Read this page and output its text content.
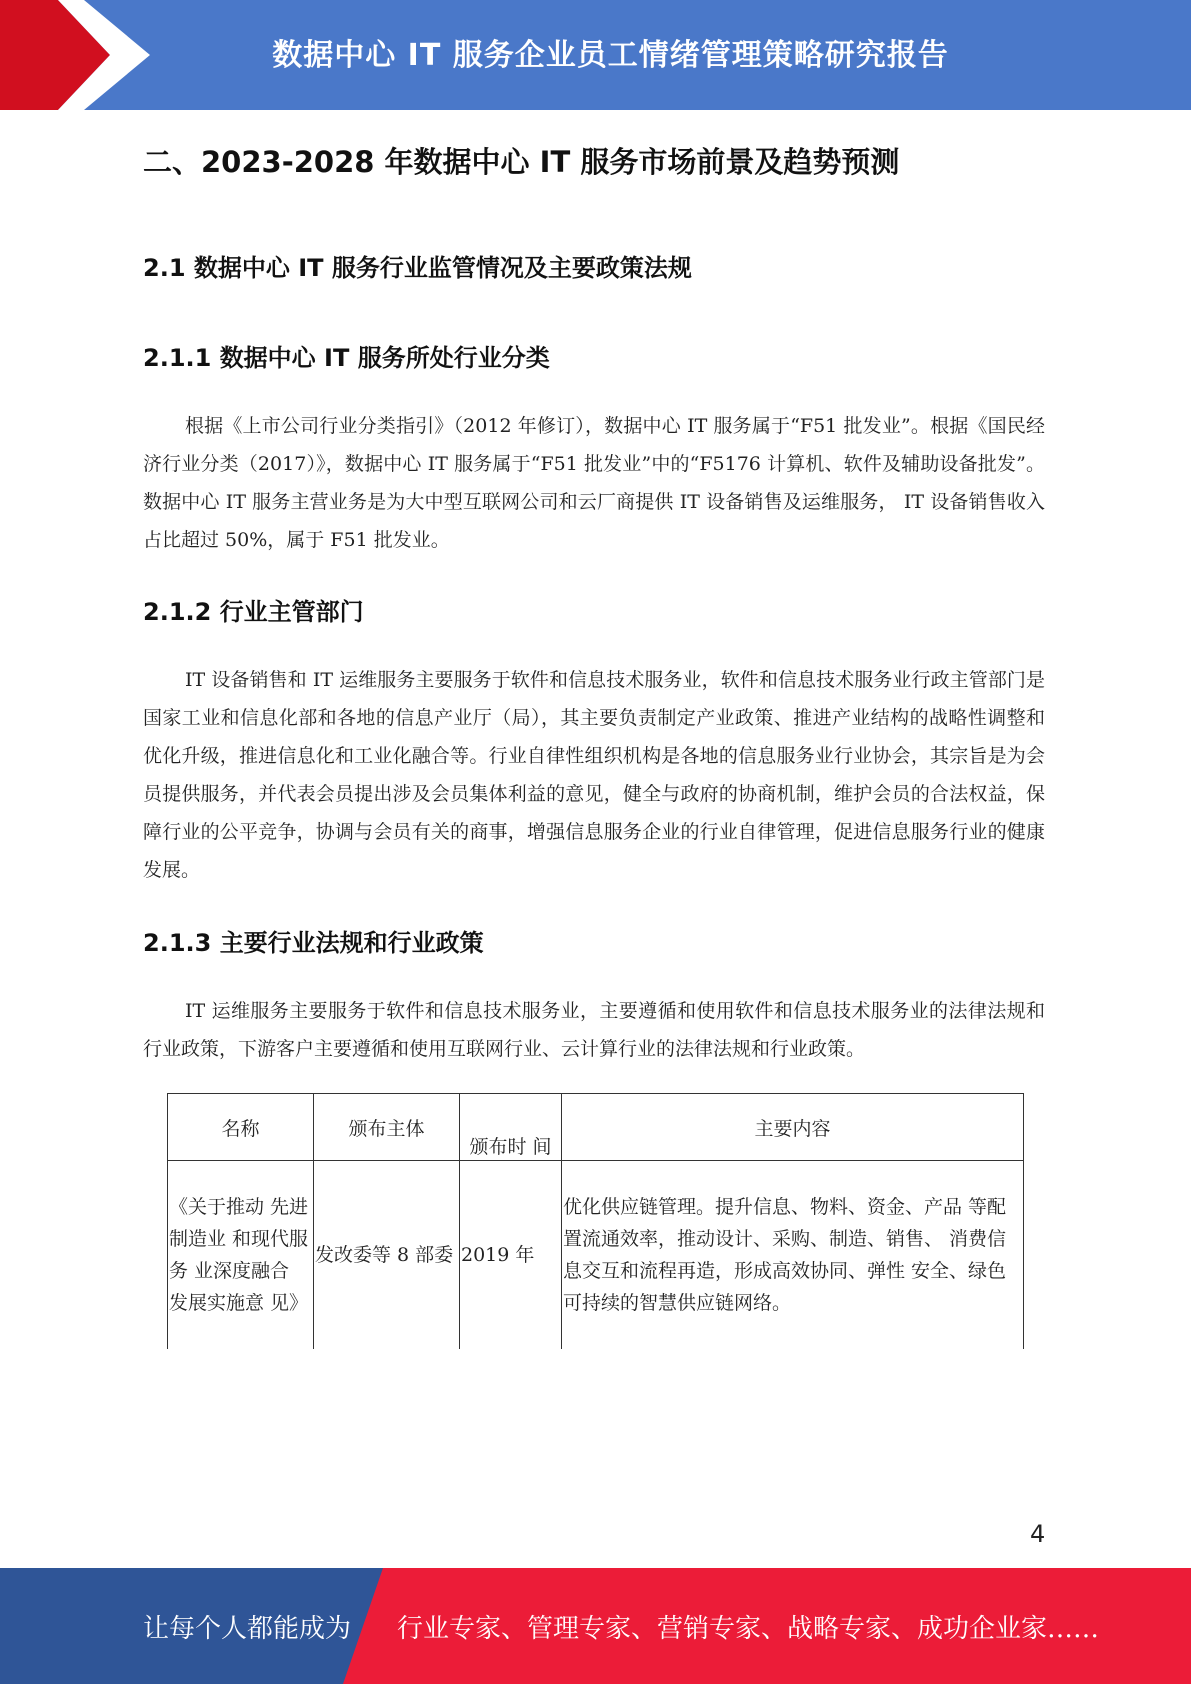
数据中心 IT 服务企业员工情绪管理策略研究报告
二、2023-2028 年数据中心 IT 服务市场前景及趋势预测
2.1 数据中心 IT 服务行业监管情况及主要政策法规
2.1.1 数据中心 IT 服务所处行业分类

根据《上市公司行业分类指引》（2012 年修订），数据中心 IT 服务属于“F51 批发业”。根据《国民经济行业分类（2017）》，数据中心 IT 服务属于“F51 批发业”中的“F5176 计算机、软件及辅助设备批发”。数据中心 IT 服务主营业务是为大中型互联网公司和云厂商提供 IT 设备销售及运维服务， IT 设备销售收入占比超过 50%，属于 F51 批发业。

2.1.2 行业主管部门

IT 设备销售和 IT 运维服务主要服务于软件和信息技术服务业，软件和信息技术服务业行政主管部门是国家工业和信息化部和各地的信息产业厅（局），其主要负责制定产业政策、推进产业结构的战略性调整和优化升级，推进信息化和工业化融合等。行业自律性组织机构是各地的信息服务业行业协会，其宗旨是为会员提供服务，并代表会员提出涉及会员集体利益的意见，健全与政府的协商机制，维护会员的合法权益，保障行业的公平竞争，协调与会员有关的商事，增强信息服务企业的行业自律管理，促进信息服务行业的健康发展。

2.1.3 主要行业法规和行业政策

IT 运维服务主要服务于软件和信息技术服务业，主要遵循和使用软件和信息技术服务业的法律法规和行业政策，下游客户主要遵循和使用互联网行业、云计算行业的法律法规和行业政策。

名称	颁布主体	颁布时 间	主要内容
《关于推动 先进制造业 和现代服务 业深度融合 发展实施意 见》	发改委等 8 部委	2019 年	优化供应链管理。提升信息、物料、资金、产品 等配置流通效率，推动设计、采购、制造、销售、 消费信息交互和流程再造，形成高效协同、弹性 安全、绿色可持续的智慧供应链网络。
4
让每个人都能成为 行业专家、管理专家、营销专家、战略专家、成功企业家……
